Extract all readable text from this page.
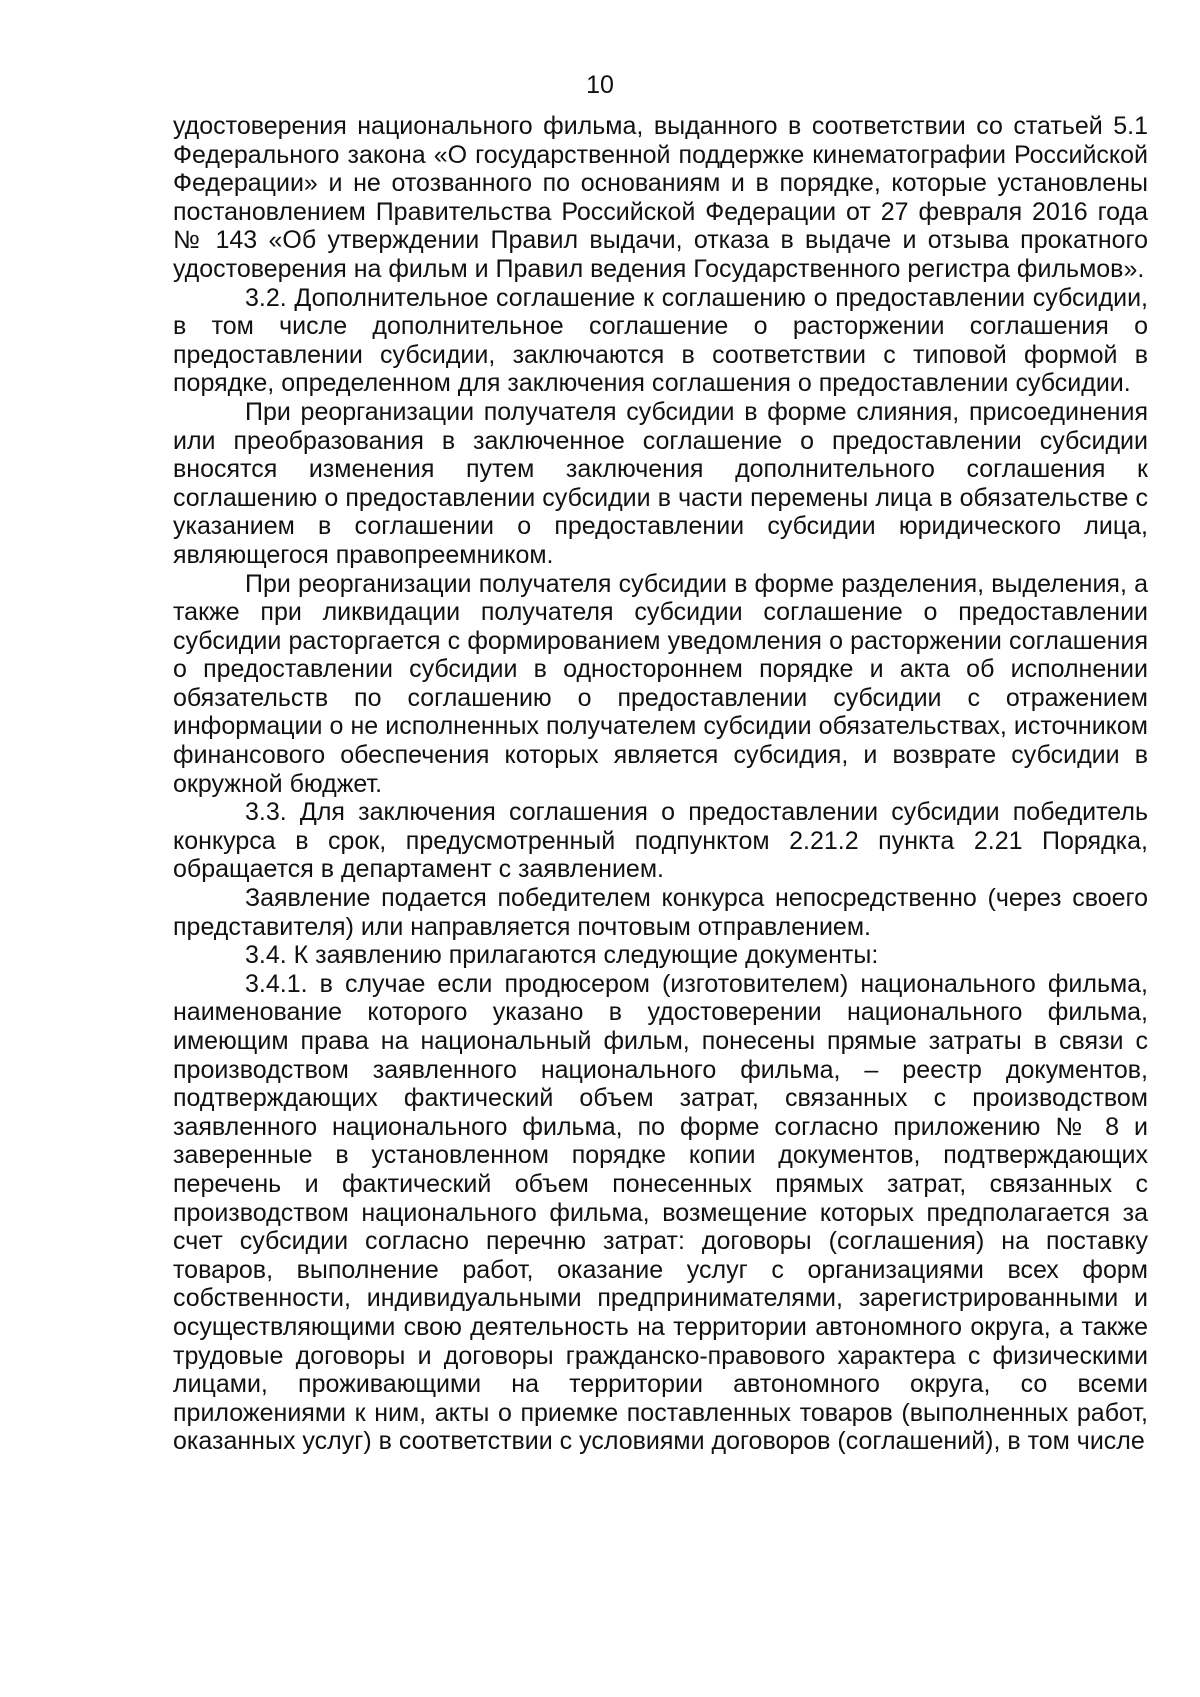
10

удостоверения национального фильма, выданного в соответствии со статьей 5.1 Федерального закона «О государственной поддержке кинематографии Российской Федерации» и не отозванного по основаниям и в порядке, которые установлены постановлением Правительства Российской Федерации от 27 февраля 2016 года № 143 «Об утверждении Правил выдачи, отказа в выдаче и отзыва прокатного удостоверения на фильм и Правил ведения Государственного регистра фильмов».

3.2. Дополнительное соглашение к соглашению о предоставлении субсидии, в том числе дополнительное соглашение о расторжении соглашения о предоставлении субсидии, заключаются в соответствии с типовой формой в порядке, определенном для заключения соглашения о предоставлении субсидии.

При реорганизации получателя субсидии в форме слияния, присоединения или преобразования в заключенное соглашение о предоставлении субсидии вносятся изменения путем заключения дополнительного соглашения к соглашению о предоставлении субсидии в части перемены лица в обязательстве с указанием в соглашении о предоставлении субсидии юридического лица, являющегося правопреемником.

При реорганизации получателя субсидии в форме разделения, выделения, а также при ликвидации получателя субсидии соглашение о предоставлении субсидии расторгается с формированием уведомления о расторжении соглашения о предоставлении субсидии в одностороннем порядке и акта об исполнении обязательств по соглашению о предоставлении субсидии с отражением информации о не исполненных получателем субсидии обязательствах, источником финансового обеспечения которых является субсидия, и возврате субсидии в окружной бюджет.

3.3. Для заключения соглашения о предоставлении субсидии победитель конкурса в срок, предусмотренный подпунктом 2.21.2 пункта 2.21 Порядка, обращается в департамент с заявлением.

Заявление подается победителем конкурса непосредственно (через своего представителя) или направляется почтовым отправлением.

3.4. К заявлению прилагаются следующие документы:

3.4.1. в случае если продюсером (изготовителем) национального фильма, наименование которого указано в удостоверении национального фильма, имеющим права на национальный фильм, понесены прямые затраты в связи с производством заявленного национального фильма, – реестр документов, подтверждающих фактический объем затрат, связанных с производством заявленного национального фильма, по форме согласно приложению № 8 и заверенные в установленном порядке копии документов, подтверждающих перечень и фактический объем понесенных прямых затрат, связанных с производством национального фильма, возмещение которых предполагается за счет субсидии согласно перечню затрат: договоры (соглашения) на поставку товаров, выполнение работ, оказание услуг с организациями всех форм собственности, индивидуальными предпринимателями, зарегистрированными и осуществляющими свою деятельность на территории автономного округа, а также трудовые договоры и договоры гражданско-правового характера с физическими лицами, проживающими на территории автономного округа, со всеми приложениями к ним, акты о приемке поставленных товаров (выполненных работ, оказанных услуг) в соответствии с условиями договоров (соглашений), в том числе
